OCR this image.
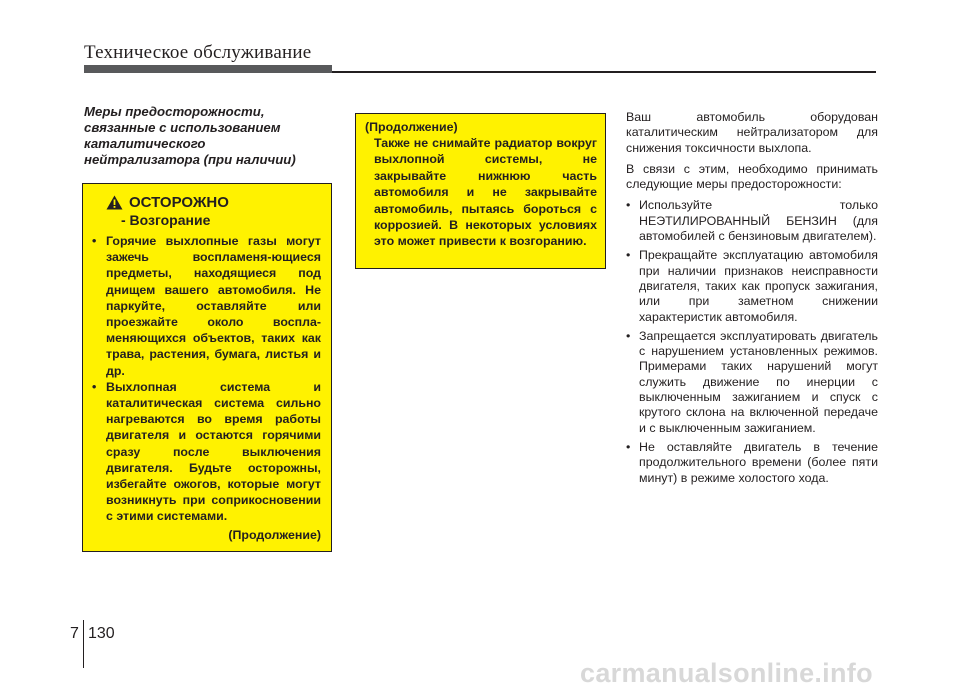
Техническое обслуживание
Меры предосторожности,
связанные с использованием
каталитического
нейтрализатора (при наличии)
ОСТОРОЖНО
- Возгорание
• Горячие выхлопные газы могут зажечь воспламеня-ющиеся предметы, находящиеся под днищем вашего автомобиля. Не паркуйте, оставляйте или проезжайте около воспла-меняющихся объектов, таких как трава, растения, бумага, листья и др.
• Выхлопная система и каталитическая система сильно нагреваются во время работы двигателя и остаются горячими сразу после выключения двигателя. Будьте осторожны, избегайте ожогов, которые могут возникнуть при соприкосновении с этими системами.
(Продолжение)
(Продолжение)
Также не снимайте радиатор вокруг выхлопной системы, не закрывайте нижнюю часть автомобиля и не закрывайте автомобиль, пытаясь бороться с коррозией. В некоторых условиях это может привести к возгоранию.
Ваш автомобиль оборудован каталитическим нейтрализатором для снижения токсичности выхлопа.
В связи с этим, необходимо принимать следующие меры предосторожности:
• Используйте только НЕЭТИЛИРОВАННЫЙ БЕНЗИН (для автомобилей с бензиновым двигателем).
• Прекращайте эксплуатацию автомобиля при наличии признаков неисправности двигателя, таких как пропуск зажигания, или при заметном снижении характеристик автомобиля.
• Запрещается эксплуатировать двигатель с нарушением установленных режимов. Примерами таких нарушений могут служить движение по инерции с выключенным зажиганием и спуск с крутого склона на включенной передаче и с выключенным зажиганием.
• Не оставляйте двигатель в течение продолжительного времени (более пяти минут) в режиме холостого хода.
7 130
carmanualsonline.info
